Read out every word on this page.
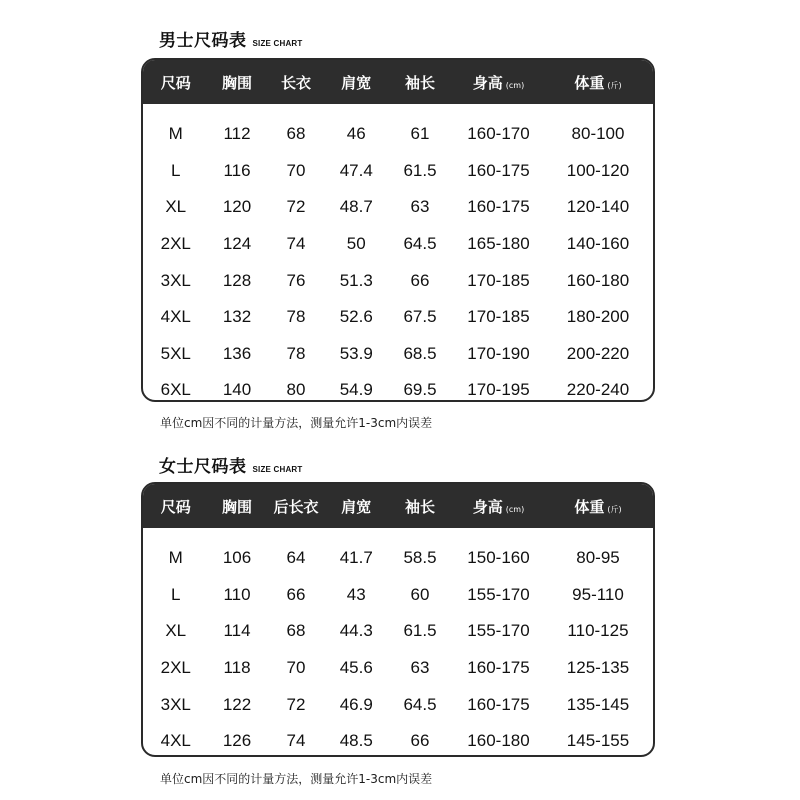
男士尺码表 SIZE CHART
尺码	胸围	长衣	肩宽	袖长	身高 (cm)	体重 (斤)
M	112	68	46	61	160-170	80-100
L	116	70	47.4	61.5	160-175	100-120
XL	120	72	48.7	63	160-175	120-140
2XL	124	74	50	64.5	165-180	140-160
3XL	128	76	51.3	66	170-185	160-180
4XL	132	78	52.6	67.5	170-185	180-200
5XL	136	78	53.9	68.5	170-190	200-220
6XL	140	80	54.9	69.5	170-195	220-240
单位cm因不同的计量方法，测量允许1-3cm内误差
女士尺码表 SIZE CHART
尺码	胸围	后长衣	肩宽	袖长	身高 (cm)	体重 (斤)
M	106	64	41.7	58.5	150-160	80-95
L	110	66	43	60	155-170	95-110
XL	114	68	44.3	61.5	155-170	110-125
2XL	118	70	45.6	63	160-175	125-135
3XL	122	72	46.9	64.5	160-175	135-145
4XL	126	74	48.5	66	160-180	145-155
单位cm因不同的计量方法，测量允许1-3cm内误差
